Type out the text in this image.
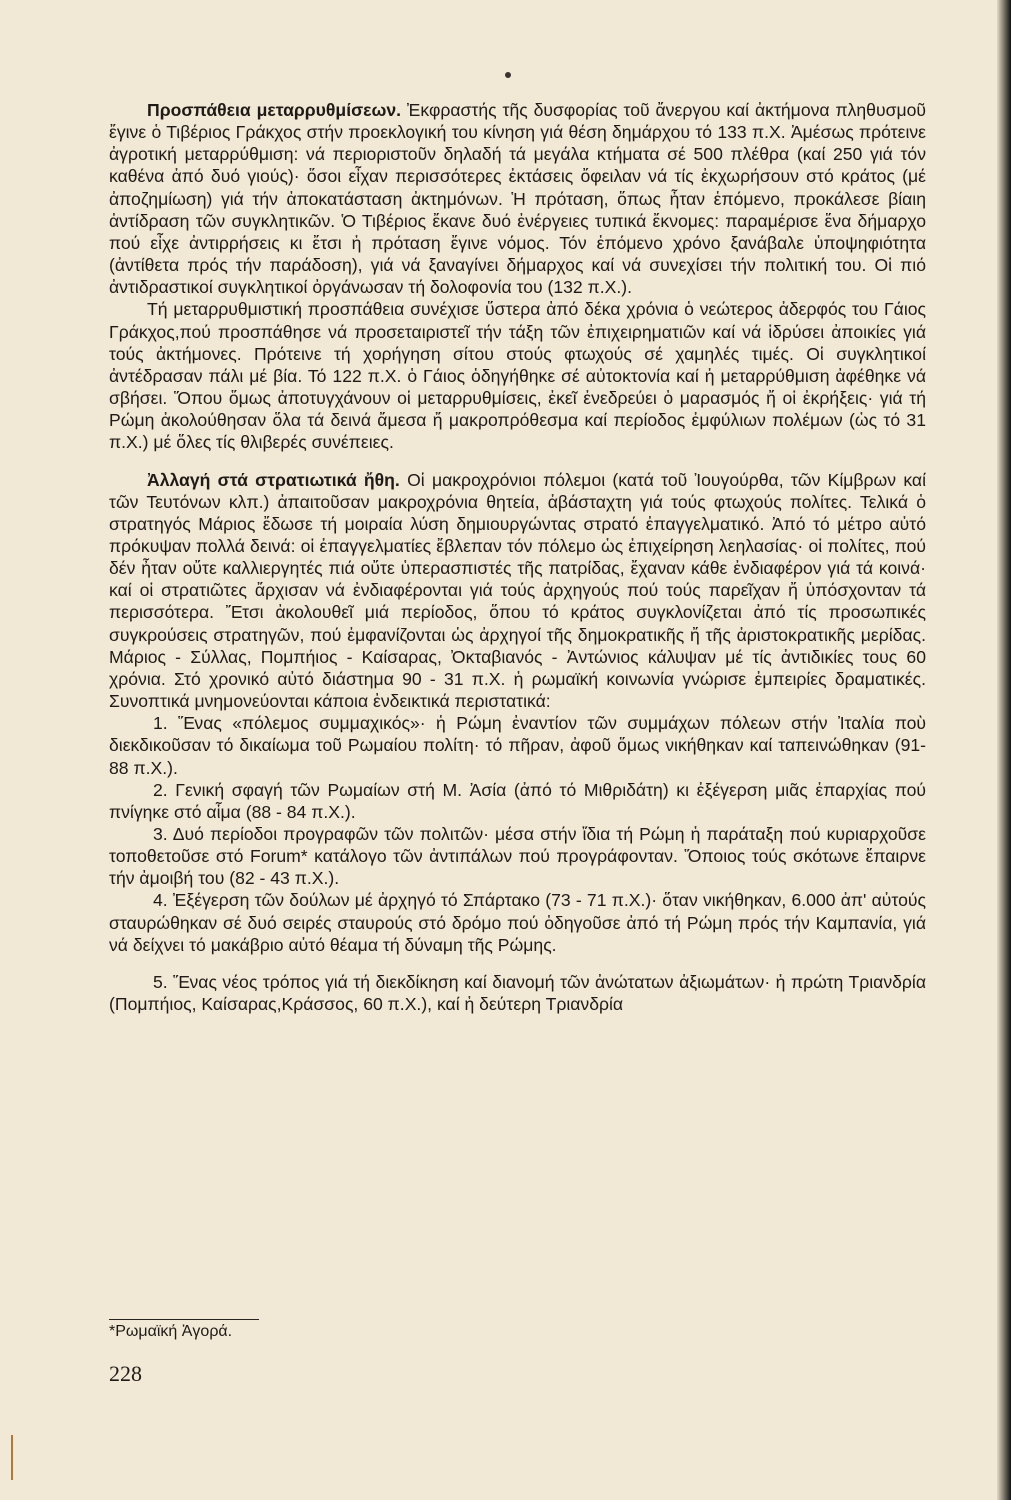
Προσπάθεια μεταρρυθμίσεων. Ἐκφραστής τῆς δυσφορίας τοῦ ἄνεργου καί ἀκτήμονα πληθυσμοῦ ἔγινε ὁ Τιβέριος Γράκχος στήν προεκλογική του κίνηση γιά θέση δημάρχου τό 133 π.Χ. Ἀμέσως πρότεινε ἀγροτική μεταρρύθμιση: νά περιοριστοῦν δηλαδή τά μεγάλα κτήματα σέ 500 πλέθρα (καί 250 γιά τόν καθένα ἀπό δυό γιούς)· ὅσοι εἶχαν περισσότερες ἐκτάσεις ὄφειλαν νά τίς ἐκχωρήσουν στό κράτος (μέ ἀποζημίωση) γιά τήν ἀποκατάσταση ἀκτημόνων. Ἡ πρόταση, ὅπως ἦταν ἑπόμενο, προκάλεσε βίαιη ἀντίδραση τῶν συγκλητικῶν. Ὁ Τιβέριος ἔκανε δυό ἐνέργειες τυπικά ἔκνομες: παραμέρισε ἕνα δήμαρχο πού εἶχε ἀντιρρήσεις κι ἔτσι ἡ πρόταση ἔγινε νόμος. Τόν ἑπόμενο χρόνο ξανάβαλε ὑποψηφιότητα (ἀντίθετα πρός τήν παράδοση), γιά νά ξαναγίνει δήμαρχος καί νά συνεχίσει τήν πολιτική του. Οἱ πιό ἀντιδραστικοί συγκλητικοί ὀργάνωσαν τή δολοφονία του (132 π.Χ.).

Τή μεταρρυθμιστική προσπάθεια συνέχισε ὕστερα ἀπό δέκα χρόνια ὁ νεώτερος ἀδερφός του Γάιος Γράκχος,πού προσπάθησε νά προσεταιριστεῖ τήν τάξη τῶν ἐπιχειρηματιῶν καί νά ἱδρύσει ἀποικίες γιά τούς ἀκτήμονες. Πρότεινε τή χορήγηση σίτου στούς φτωχούς σέ χαμηλές τιμές. Οἱ συγκλητικοί ἀντέδρασαν πάλι μέ βία. Τό 122 π.Χ. ὁ Γάιος ὁδηγήθηκε σέ αὐτοκτονία καί ἡ μεταρρύθμιση ἀφέθηκε νά σβήσει. Ὅπου ὅμως ἀποτυγχάνουν οἱ μεταρρυθμίσεις, ἐκεῖ ἐνεδρεύει ὁ μαρασμός ἤ οἱ ἐκρήξεις· γιά τή Ρώμη ἀκολούθησαν ὅλα τά δεινά ἄμεσα ἤ μακροπρόθεσμα καί περίοδος ἐμφύλιων πολέμων (ὡς τό 31 π.Χ.) μέ ὅλες τίς θλιβερές συνέπειες.

Ἀλλαγή στά στρατιωτικά ἤθη. Οἱ μακροχρόνιοι πόλεμοι (κατά τοῦ Ἰουγούρθα, τῶν Κίμβρων καί τῶν Τευτόνων κλπ.) ἀπαιτοῦσαν μακροχρόνια θητεία, ἀβάσταχτη γιά τούς φτωχούς πολίτες. Τελικά ὁ στρατηγός Μάριος ἔδωσε τή μοιραία λύση δημιουργώντας στρατό ἐπαγγελματικό. Ἀπό τό μέτρο αὐτό πρόκυψαν πολλά δεινά: οἱ ἐπαγγελματίες ἔβλεπαν τόν πόλεμο ὡς ἐπιχείρηση λεηλασίας· οἱ πολίτες, πού δέν ἦταν οὔτε καλλιεργητές πιά οὔτε ὑπερασπιστές τῆς πατρίδας, ἔχαναν κάθε ἐνδιαφέρον γιά τά κοινά· καί οἱ στρατιῶτες ἄρχισαν νά ἐνδιαφέρονται γιά τούς ἀρχηγούς πού τούς παρεῖχαν ἤ ὑπόσχονταν τά περισσότερα. Ἔτσι ἀκολουθεῖ μιά περίοδος, ὅπου τό κράτος συγκλονίζεται ἀπό τίς προσωπικές συγκρούσεις στρατηγῶν, πού ἐμφανίζονται ὡς ἀρχηγοί τῆς δημοκρατικῆς ἤ τῆς ἀριστοκρατικῆς μερίδας. Μάριος - Σύλλας, Πομπήιος - Καίσαρας, Ὀκταβιανός - Ἀντώνιος κάλυψαν μέ τίς ἀντιδικίες τους 60 χρόνια. Στό χρονικό αὐτό διάστημα 90 - 31 π.Χ. ἡ ρωμαϊκή κοινωνία γνώρισε ἐμπειρίες δραματικές. Συνοπτικά μνημονεύονται κάποια ἐνδεικτικά περιστατικά:

1. Ἕνας «πόλεμος συμμαχικός»· ἡ Ρώμη ἐναντίον τῶν συμμάχων πόλεων στήν Ἰταλία ποὺ διεκδικοῦσαν τό δικαίωμα τοῦ Ρωμαίου πολίτη· τό πῆραν, ἀφοῦ ὅμως νικήθηκαν καί ταπεινώθηκαν (91-88 π.Χ.).

2. Γενική σφαγή τῶν Ρωμαίων στή Μ. Ἀσία (ἀπό τό Μιθριδάτη) κι ἐξέγερση μιᾶς ἐπαρχίας πού πνίγηκε στό αἷμα (88 - 84 π.Χ.).

3. Δυό περίοδοι προγραφῶν τῶν πολιτῶν· μέσα στήν ἴδια τή Ρώμη ἡ παράταξη πού κυριαρχοῦσε τοποθετοῦσε στό Forum* κατάλογο τῶν ἀντιπάλων πού προγράφονταν. Ὅποιος τούς σκότωνε ἔπαιρνε τήν ἀμοιβή του (82 - 43 π.Χ.).

4. Ἐξέγερση τῶν δούλων μέ ἀρχηγό τό Σπάρτακο (73 - 71 π.Χ.)· ὅταν νικήθηκαν, 6.000 ἀπ' αὐτούς σταυρώθηκαν σέ δυό σειρές σταυρούς στό δρόμο πού ὁδηγοῦσε ἀπό τή Ρώμη πρός τήν Καμπανία, γιά νά δείχνει τό μακάβριο αὐτό θέαμα τή δύναμη τῆς Ρώμης.

5. Ἕνας νέος τρόπος γιά τή διεκδίκηση καί διανομή τῶν ἀνώτατων ἀξιωμάτων· ἡ πρώτη Τριανδρία (Πομπήιος, Καίσαρας,Κράσσος, 60 π.Χ.), καί ἡ δεύτερη Τριανδρία

*Ρωμαϊκή Ἀγορά.
228
